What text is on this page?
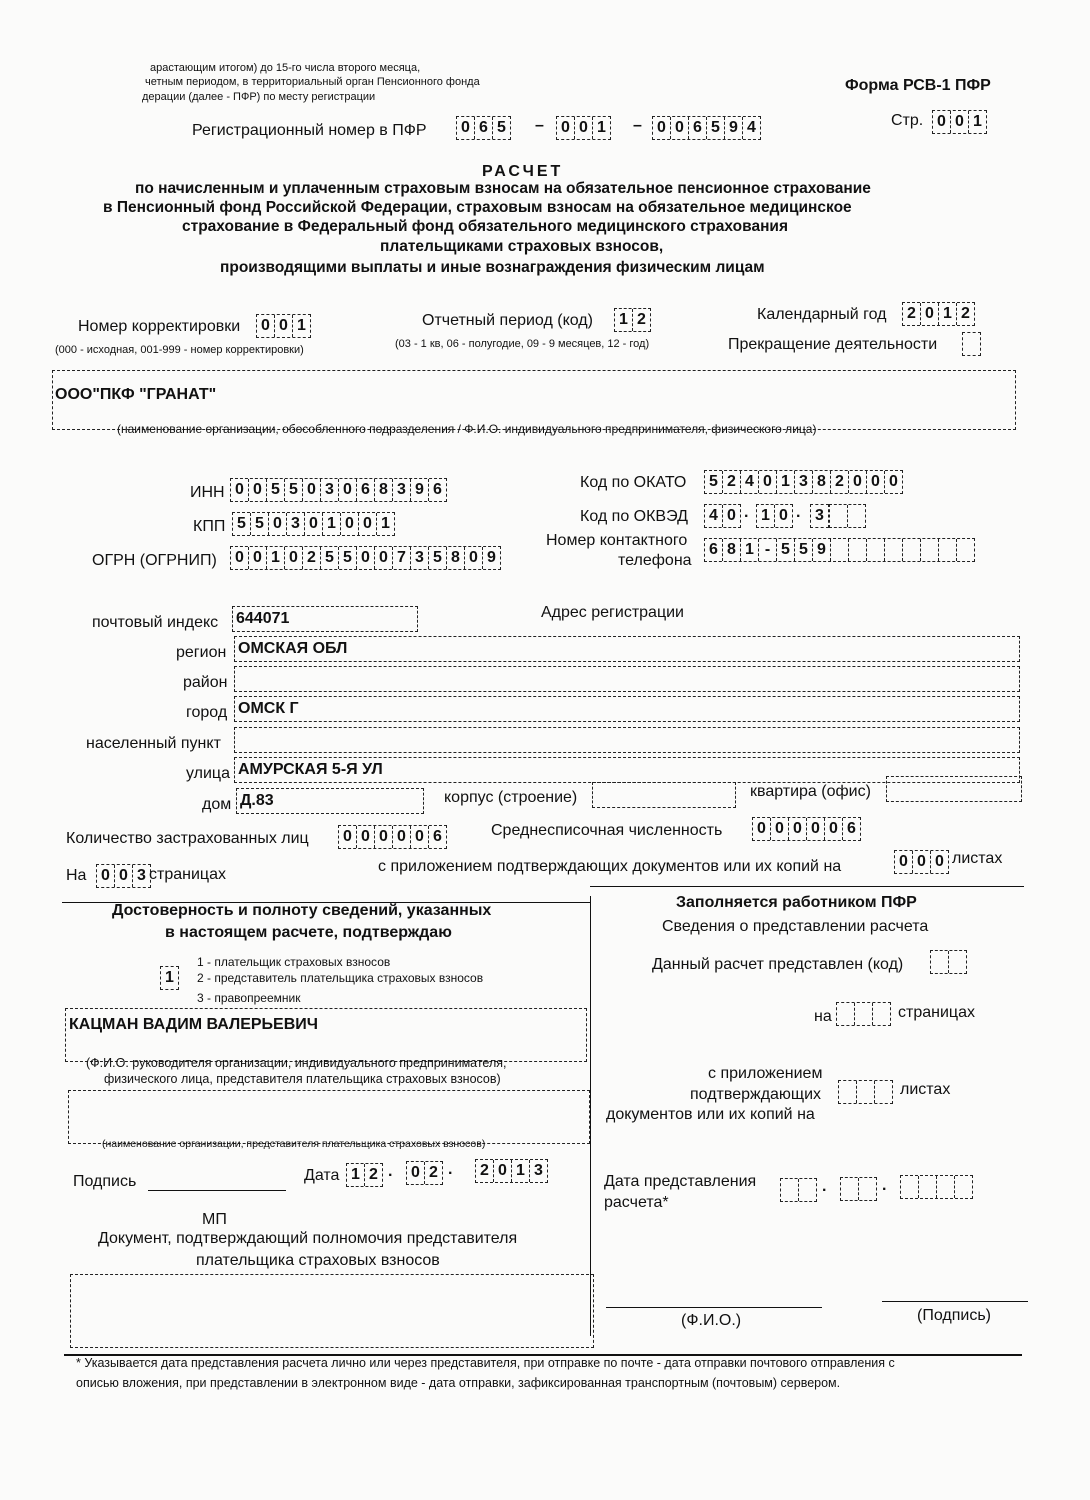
арастающим итогом) до 15-го числа второго месяца,
четным периодом, в территориальный орган Пенсионного фонда
дерации (далее - ПФР) по месту регистрации
Форма РСВ-1 ПФР
Регистрационный номер в ПФР 0 6 5 – 0 0 1 – 0 0 6 5 9 4	Стр. 0 0 1
РАСЧЕТ
по начисленным и уплаченным страховым взносам на обязательное пенсионное страхование
в Пенсионный фонд Российской Федерации, страховым взносам на обязательное медицинское
страхование в Федеральный фонд обязательного медицинского страхования
плательщиками страховых взносов,
производящими выплаты и иные вознаграждения физическим лицам
Номер корректировки 0 0 1
(000 - исходная, 001-999 - номер корректировки)
Отчетный период (код) 1 2
(03 - 1 кв, 06 - полугодие, 09 - 9 месяцев, 12 - год)
Календарный год 2 0 1 2
Прекращение деятельности
ООО"ПКФ "ГРАНАТ"
(наименование организации, обособленного подразделения / Ф.И.О. индивидуального предпринимателя, физического лица)
ИНН 0 0 5 5 0 3 0 6 8 3 9 6	Код по ОКАТО 5 2 4 0 1 3 8 2 0 0 0
КПП 5 5 0 3 0 1 0 0 1	Код по ОКВЭД 4 0 . 1 0 . 3
ОГРН (ОГРНИП) 0 0 1 0 2 5 5 0 0 7 3 5 8 0 9
Номер контактного
телефона
6 8 1 - 5 5 9
Адрес регистрации
почтовый индекс 644071
регион ОМСКАЯ ОБЛ
район
город ОМСК Г
населенный пункт
улица АМУРСКАЯ 5-Я УЛ
дом Д.83	корпус (строение)	квартира (офис)
Количество застрахованных лиц 0 0 0 0 0 6	Среднесписочная численность 0 0 0 0 0 6
На 0 0 3 страницах	с приложением подтверждающих документов или их копий на	0 0 0 листах
Достоверность и полноту сведений, указанных
в настоящем расчете, подтверждаю
1
1 - плательщик страховых взносов
2 - представитель плательщика страховых взносов
3 - правопреемник
КАЦМАН ВАДИМ ВАЛЕРЬЕВИЧ
(Ф.И.О. руководителя организации, индивидуального предпринимателя,
физического лица, представителя плательщика страховых взносов)
(наименование организации, представителя плательщика страховых взносов)
Подпись	Дата 1 2 . 0 2 . 2 0 1 3
МП
Документ, подтверждающий полномочия представителя
плательщика страховых взносов
Заполняется работником ПФР
Сведения о представлении расчета
Данный расчет представлен (код)
на	страницах
с приложением
подтверждающих
документов или их копий на
листах
Дата представления
расчета*
.	.
(Ф.И.О.)	(Подпись)
* Указывается дата представления расчета лично или через представителя, при отправке по почте - дата отправки почтового отправления с
описью вложения, при представлении в электронном виде - дата отправки, зафиксированная транспортным (почтовым) сервером.
